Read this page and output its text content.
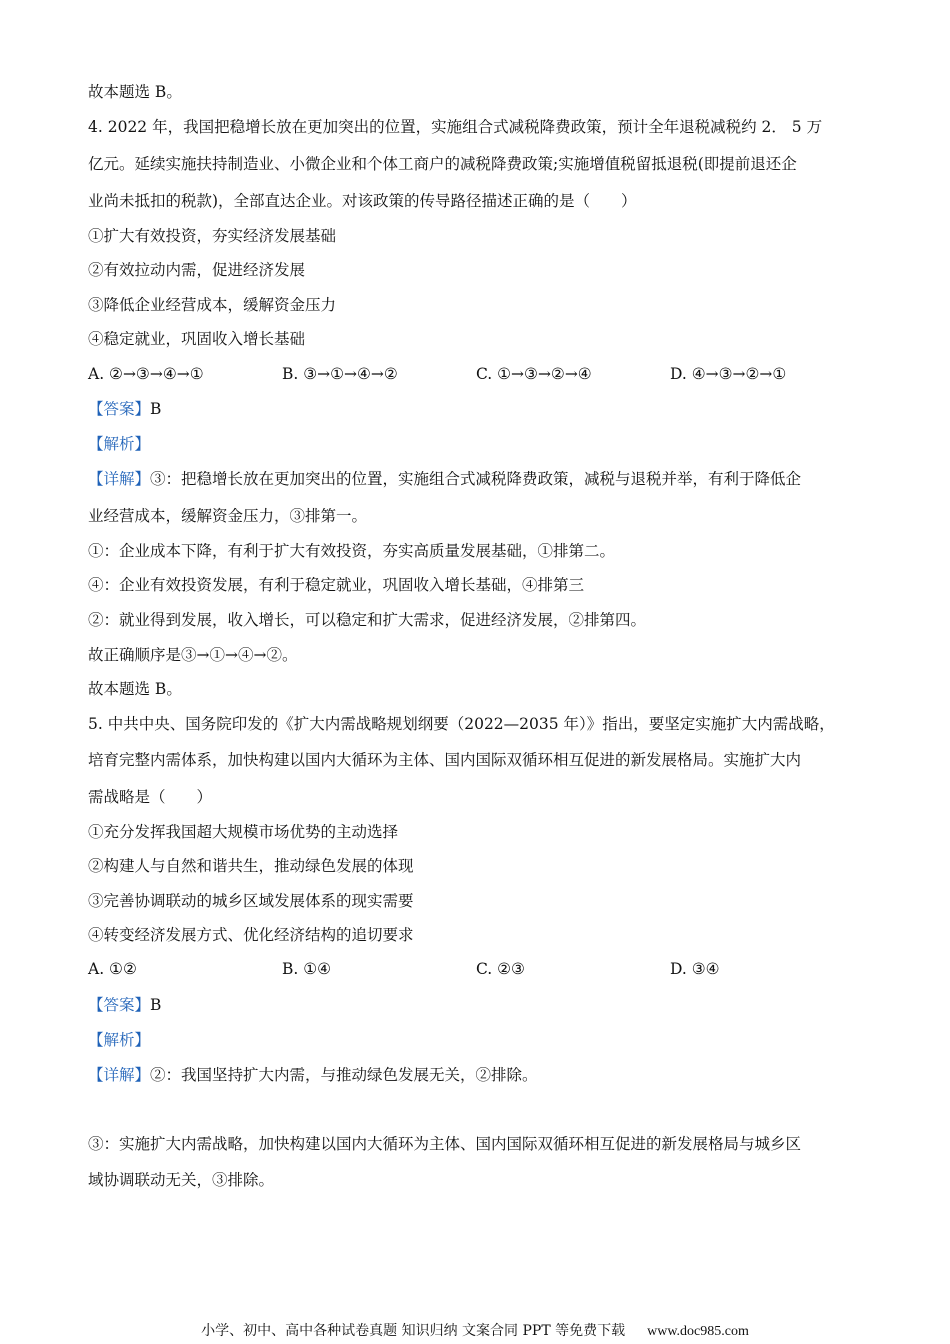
故本题选 B。
4. 2022 年，我国把稳增长放在更加突出的位置，实施组合式减税降费政策，预计全年退税减税约 2． 5 万
亿元。延续实施扶持制造业、小微企业和个体工商户的减税降费政策;实施增值税留抵退税(即提前退还企
业尚未抵扣的税款)，全部直达企业。对该政策的传导路径描述正确的是（　　）
①扩大有效投资，夯实经济发展基础
②有效拉动内需，促进经济发展
③降低企业经营成本，缓解资金压力
④稳定就业，巩固收入增长基础
A. ②→③→④→①	B. ③→①→④→②	C. ①→③→②→④	D. ④→③→②→①
【答案】B
【解析】
【详解】③：把稳增长放在更加突出的位置，实施组合式减税降费政策，减税与退税并举，有利于降低企
业经营成本，缓解资金压力，③排第一。
①：企业成本下降，有利于扩大有效投资，夯实高质量发展基础，①排第二。
④：企业有效投资发展，有利于稳定就业，巩固收入增长基础，④排第三
②：就业得到发展，收入增长，可以稳定和扩大需求，促进经济发展，②排第四。
故正确顺序是③→①→④→②。
故本题选 B。
5. 中共中央、国务院印发的《扩大内需战略规划纲要（2022—2035 年）》指出，要坚定实施扩大内需战略，
培育完整内需体系，加快构建以国内大循环为主体、国内国际双循环相互促进的新发展格局。实施扩大内
需战略是（　　）
①充分发挥我国超大规模市场优势的主动选择
②构建人与自然和谐共生，推动绿色发展的体现
③完善协调联动的城乡区域发展体系的现实需要
④转变经济发展方式、优化经济结构的追切要求
A. ①②	B. ①④	C. ②③	D. ③④
【答案】B
【解析】
【详解】②：我国坚持扩大内需，与推动绿色发展无关，②排除。
③：实施扩大内需战略，加快构建以国内大循环为主体、国内国际双循环相互促进的新发展格局与城乡区
域协调联动无关，③排除。
小学、初中、高中各种试卷真题 知识归纳 文案合同 PPT 等免费下载 www.doc985.com
